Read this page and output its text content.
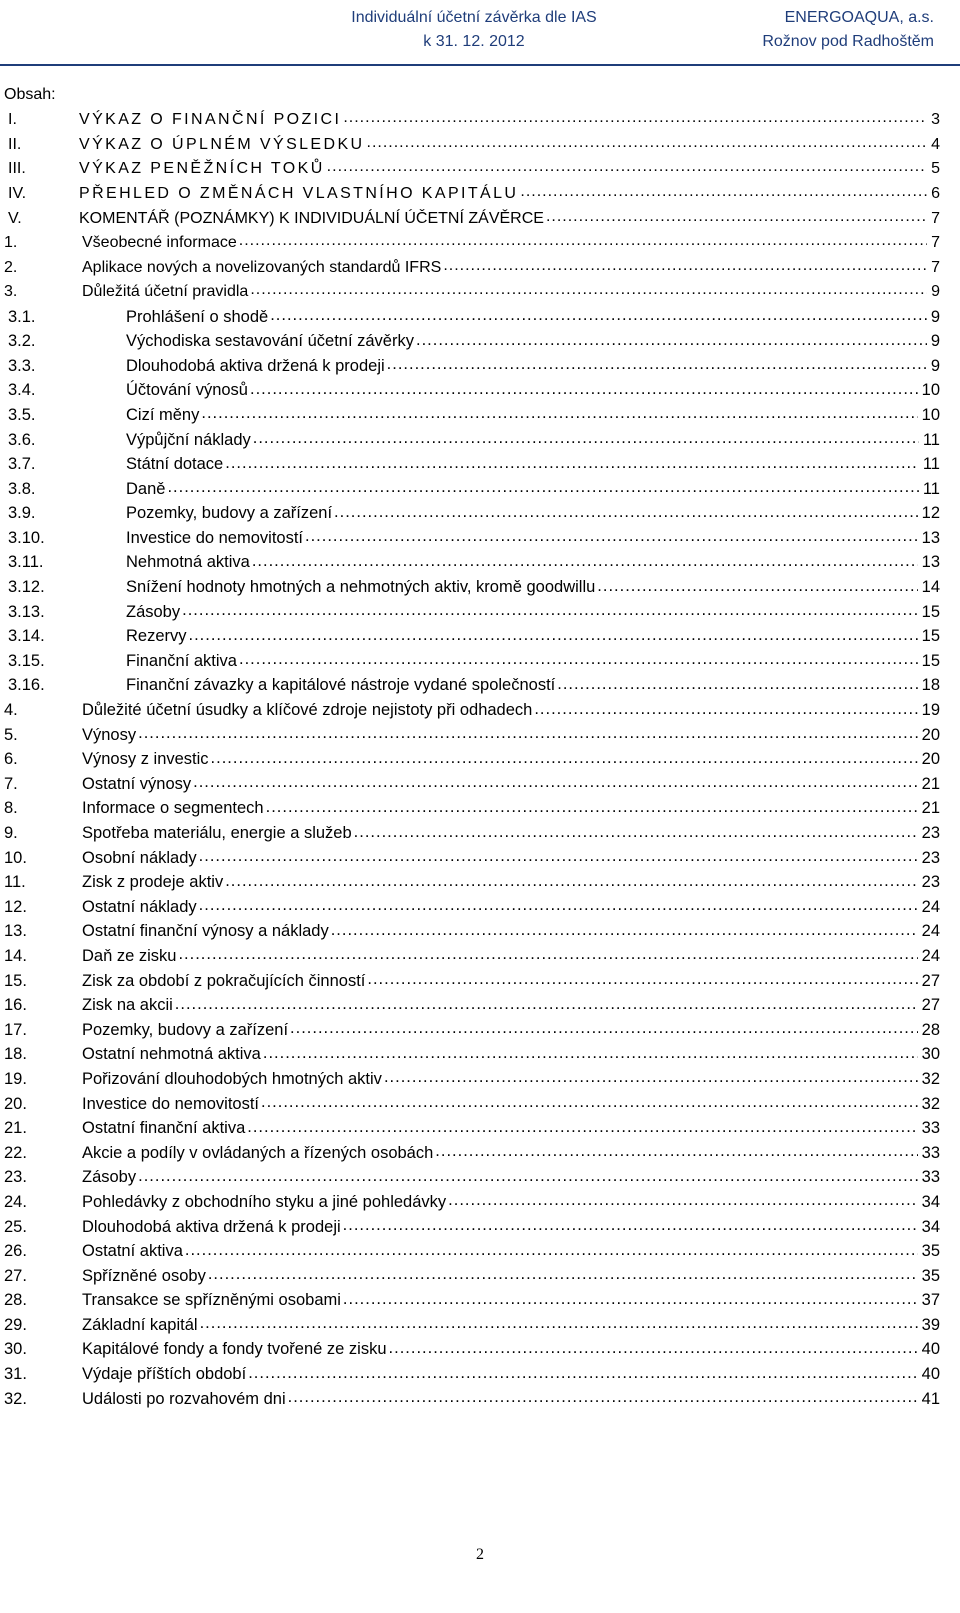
Individuální účetní závěrka dle IAS
k 31. 12. 2012
ENERGOAQUA, a.s.
Rožnov pod Radhoštěm
Obsah:
I.	VÝKAZ O FINANČNÍ POZICI .....	3
II.	VÝKAZ O ÚPLNÉM VÝSLEDKU .....	4
III.	VÝKAZ PENĚŽNÍCH TOKŮ .....	5
IV.	PŘEHLED O ZMĚNÁCH VLASTNÍHO KAPITÁLU .....	6
V.	KOMENTÁŘ (POZNÁMKY) K INDIVIDUÁLNÍ ÚČETNÍ ZÁVĚRCE .....	7
1.	Všeobecné informace .....	7
2.	Aplikace nových a novelizovaných standardů IFRS .....	7
3.	Důležitá účetní pravidla .....	9
3.1.	Prohlášení o shodě .....	9
3.2.	Východiska sestavování účetní závěrky .....	9
3.3.	Dlouhodobá aktiva držená k prodeji .....	9
3.4.	Účtování výnosů .....	10
3.5.	Cizí měny .....	10
3.6.	Výpůjční náklady .....	11
3.7.	Státní dotace .....	11
3.8.	Daně .....	11
3.9.	Pozemky, budovy a zařízení .....	12
3.10.	Investice do nemovitostí .....	13
3.11.	Nehmotná aktiva .....	13
3.12.	Snížení hodnoty hmotných a nehmotných aktiv, kromě goodwillu .....	14
3.13.	Zásoby .....	15
3.14.	Rezervy .....	15
3.15.	Finanční aktiva .....	15
3.16.	Finanční závazky a kapitálové nástroje vydané společností .....	18
4.	Důležité účetní úsudky a klíčové zdroje nejistoty při odhadech .....	19
5.	Výnosy .....	20
6.	Výnosy z investic .....	20
7.	Ostatní výnosy .....	21
8.	Informace o segmentech .....	21
9.	Spotřeba materiálu, energie a služeb .....	23
10.	Osobní náklady .....	23
11.	Zisk z prodeje aktiv .....	23
12.	Ostatní náklady .....	24
13.	Ostatní finanční výnosy a náklady .....	24
14.	Daň ze zisku .....	24
15.	Zisk za období z pokračujících činností .....	27
16.	Zisk na akcii .....	27
17.	Pozemky, budovy a zařízení .....	28
18.	Ostatní nehmotná aktiva .....	30
19.	Pořizování dlouhodobých hmotných aktiv .....	32
20.	Investice do nemovitostí .....	32
21.	Ostatní finanční aktiva .....	33
22.	Akcie a podíly v ovládaných a řízených osobách .....	33
23.	Zásoby .....	33
24.	Pohledávky z obchodního styku a jiné pohledávky .....	34
25.	Dlouhodobá aktiva držená k prodeji .....	34
26.	Ostatní aktiva .....	35
27.	Spřízněné osoby .....	35
28.	Transakce se spřízněnými osobami .....	37
29.	Základní kapitál .....	39
30.	Kapitálové fondy a fondy tvořené ze zisku .....	40
31.	Výdaje příštích období .....	40
32.	Události po rozvahovém dni .....	41
2
